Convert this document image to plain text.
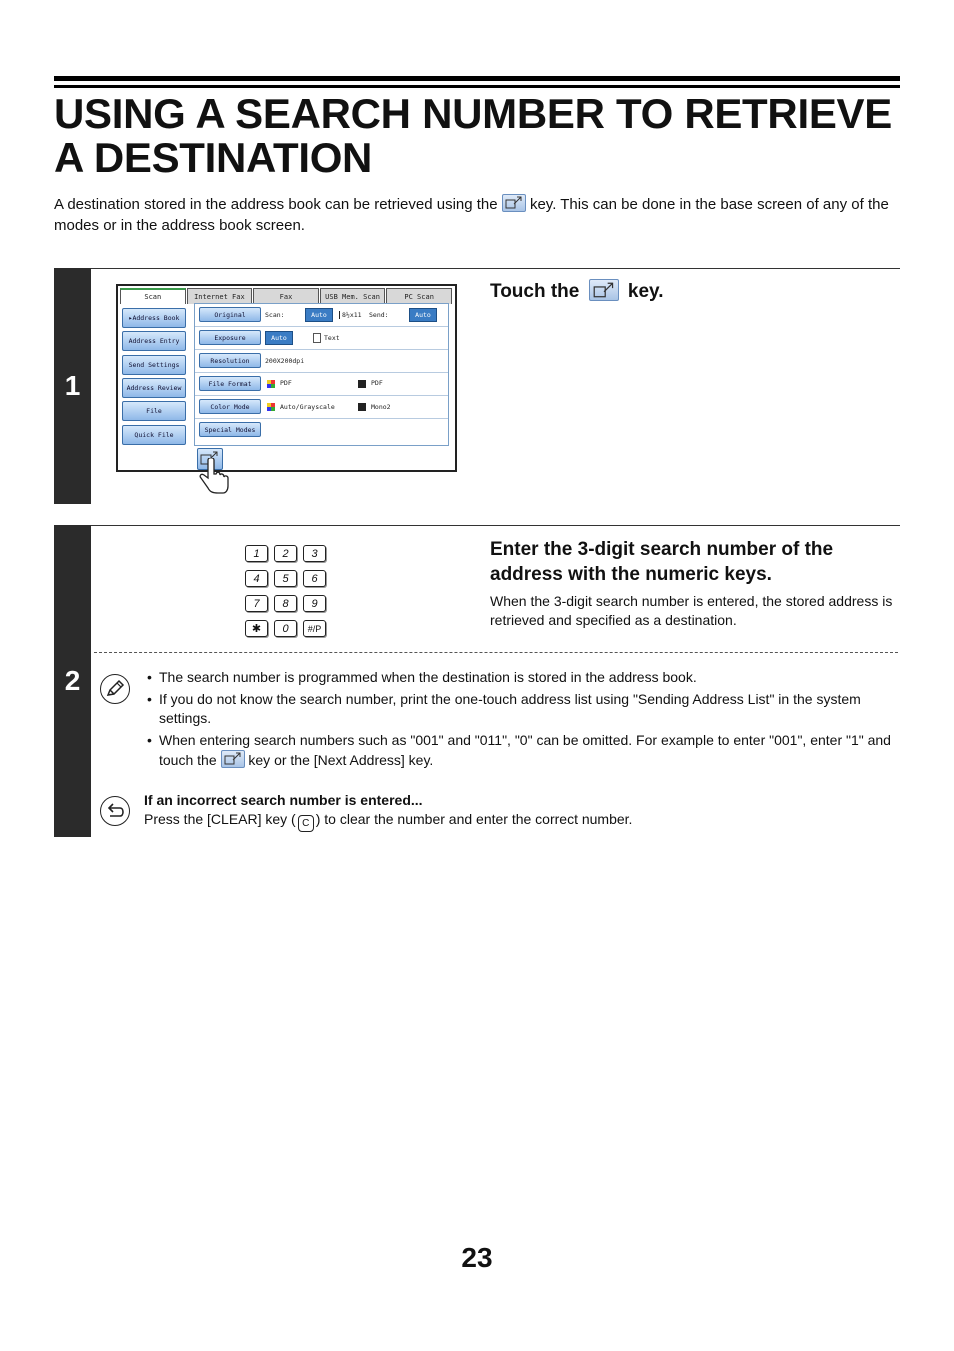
USING A SEARCH NUMBER TO RETRIEVE A DESTINATION

A destination stored in the address book can be retrieved using the key. This can be done in the base screen of any of the modes or in the address book screen.

1
Scan	Internet Fax	Fax	USB Mem. Scan	PC Scan
▸ Address Book
Address Entry
Send Settings
Address Review
File
Quick File
Original	Scan:	Auto	8½x11 Send:	Auto
Exposure	Auto	Text
Resolution	200X200dpi
File Format	PDF	PDF
Color Mode	Auto/Grayscale	Mono2
Special Modes
Touch the	key.
2
1	2	3
4	5	6
7	8	9
✱	0	#/P
Enter the 3-digit search number of the address with the numeric keys.

When the 3-digit search number is entered, the stored address is retrieved and specified as a destination.

• The search number is programmed when the destination is stored in the address book.
• If you do not know the search number, print the one-touch address list using "Sending Address List" in the system settings.
• When entering search numbers such as "001" and "011", "0" can be omitted. For example to enter "001", enter "1" and touch the key or the [Next Address] key.

If an incorrect search number is entered...

Press the [CLEAR] key ( C ) to clear the number and enter the correct number.

23
